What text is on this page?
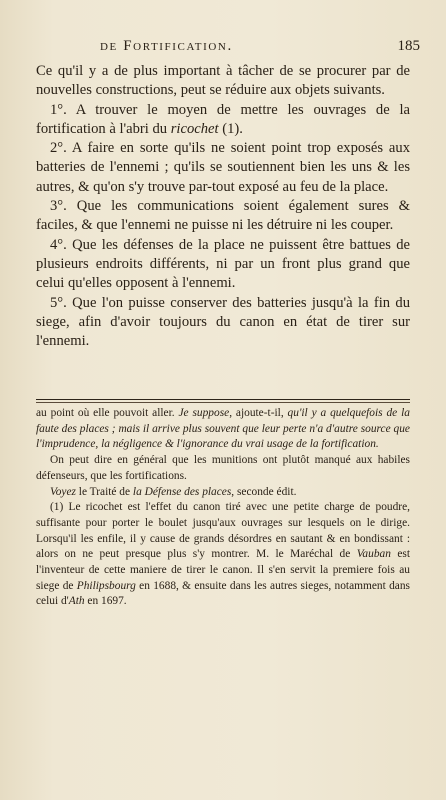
de Fortification.	185

Ce qu'il y a de plus important à tâcher de se procurer par de nouvelles constructions, peut se réduire aux objets suivants.

1°. A trouver le moyen de mettre les ouvrages de la fortification à l'abri du ricochet (1).

2°. A faire en sorte qu'ils ne soient point trop exposés aux batteries de l'ennemi ; qu'ils se soutiennent bien les uns & les autres, & qu'on s'y trouve par-tout exposé au feu de la place.

3°. Que les communications soient également sures & faciles, & que l'ennemi ne puisse ni les détruire ni les couper.

4°. Que les défenses de la place ne puissent être battues de plusieurs endroits différents, ni par un front plus grand que celui qu'elles opposent à l'ennemi.

5°. Que l'on puisse conserver des batteries jusqu'à la fin du siege, afin d'avoir toujours du canon en état de tirer sur l'ennemi.

au point où elle pouvoit aller. Je suppose, ajoute-t-il, qu'il y a quelquefois de la faute des places ; mais il arrive plus souvent que leur perte n'a d'autre source que l'imprudence, la négligence & l'ignorance du vrai usage de la fortification.

On peut dire en général que les munitions ont plutôt manqué aux habiles défenseurs, que les fortifications.

Voyez le Traité de la Défense des places, seconde édit.

(1) Le ricochet est l'effet du canon tiré avec une petite charge de poudre, suffisante pour porter le boulet jusqu'aux ouvrages sur lesquels on le dirige. Lorsqu'il les enfile, il y cause de grands désordres en sautant & en bondissant : alors on ne peut presque plus s'y montrer. M. le Maréchal de Vauban est l'inventeur de cette maniere de tirer le canon. Il s'en servit la premiere fois au siege de Philipsbourg en 1688, & ensuite dans les autres sieges, notamment dans celui d'Ath en 1697.
